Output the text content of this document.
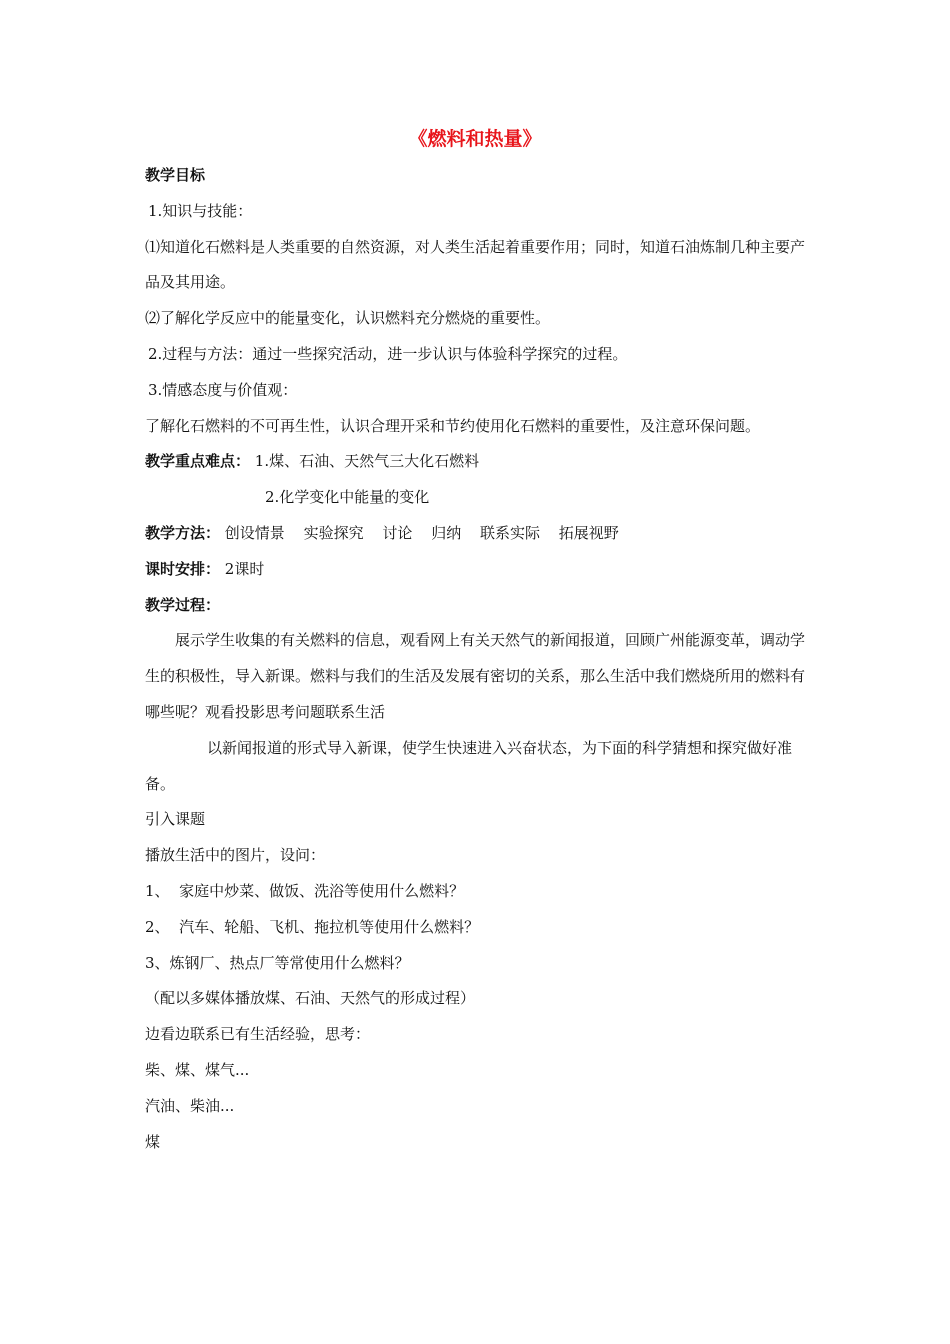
《燃料和热量》

教学目标

1.知识与技能：

⑴知道化石燃料是人类重要的自然资源，对人类生活起着重要作用；同时，知道石油炼制几种主要产品及其用途。

⑵了解化学反应中的能量变化，认识燃料充分燃烧的重要性。

2.过程与方法：通过一些探究活动，进一步认识与体验科学探究的过程。

3.情感态度与价值观：

了解化石燃料的不可再生性，认识合理开采和节约使用化石燃料的重要性，及注意环保问题。

教学重点难点： 1.煤、石油、天然气三大化石燃料

2.化学变化中能量的变化

教学方法： 创设情景 实验探究 讨论 归纳 联系实际 拓展视野

课时安排： 2课时

教学过程：

展示学生收集的有关燃料的信息，观看网上有关天然气的新闻报道，回顾广州能源变革，调动学生的积极性，导入新课。燃料与我们的生活及发展有密切的关系，那么生活中我们燃烧所用的燃料有哪些呢？观看投影思考问题联系生活

以新闻报道的形式导入新课，使学生快速进入兴奋状态，为下面的科学猜想和探究做好准备。

引入课题

播放生活中的图片，设问：

1、  家庭中炒菜、做饭、洗浴等使用什么燃料？

2、  汽车、轮船、飞机、拖拉机等使用什么燃料？

3、炼钢厂、热点厂等常使用什么燃料？

（配以多媒体播放煤、石油、天然气的形成过程）

边看边联系已有生活经验，思考：

柴、煤、煤气...

汽油、柴油...

煤
